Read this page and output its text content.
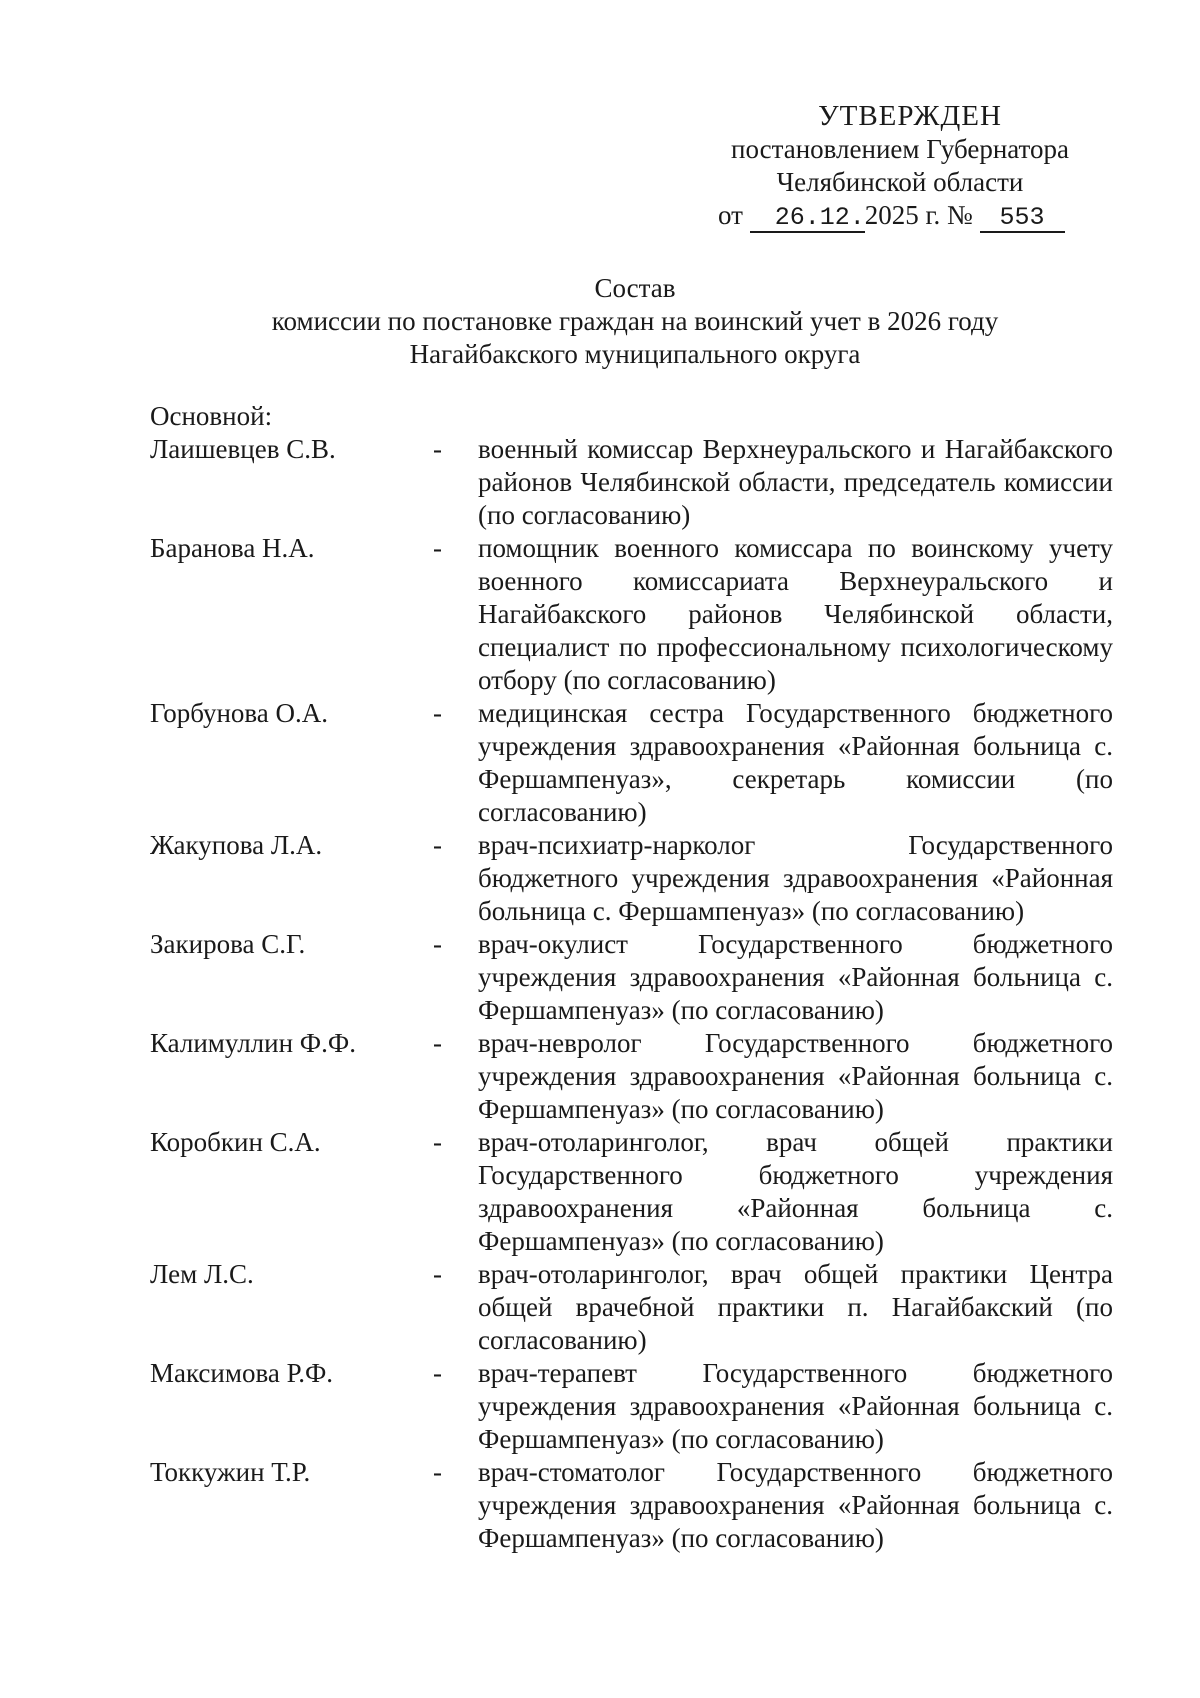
УТВЕРЖДЕН
постановлением Губернатора
Челябинской области
от 26.12.2025 г. № 553
Состав
комиссии по постановке граждан на воинский учет в 2026 году
Нагайбакского муниципального округа
Основной:
Лаишевцев С.В.	-	военный комиссар Верхнеуральского и Нагайбакского районов Челябинской области, председатель комиссии (по согласованию)
Баранова Н.А.	-	помощник военного комиссара по воинскому учету военного комиссариата Верхнеуральского и Нагайбакского районов Челябинской области, специалист по профессиональному психологическому отбору (по согласованию)
Горбунова О.А.	-	медицинская сестра Государственного бюджетного учреждения здравоохранения «Районная больница с. Фершампенуаз», секретарь комиссии (по согласованию)
Жакупова Л.А.	-	врач-психиатр-нарколог Государственного бюджетного учреждения здравоохранения «Районная больница с. Фершампенуаз» (по согласованию)
Закирова С.Г.	-	врач-окулист Государственного бюджетного учреждения здравоохранения «Районная больница с. Фершампенуаз» (по согласованию)
Калимуллин Ф.Ф.	-	врач-невролог Государственного бюджетного учреждения здравоохранения «Районная больница с. Фершампенуаз» (по согласованию)
Коробкин С.А.	-	врач-отоларинголог, врач общей практики Государственного бюджетного учреждения здравоохранения «Районная больница с. Фершампенуаз» (по согласованию)
Лем Л.С.	-	врач-отоларинголог, врач общей практики Центра общей врачебной практики п. Нагайбакский (по согласованию)
Максимова Р.Ф.	-	врач-терапевт Государственного бюджетного учреждения здравоохранения «Районная больница с. Фершампенуаз» (по согласованию)
Токкужин Т.Р.	-	врач-стоматолог Государственного бюджетного учреждения здравоохранения «Районная больница с. Фершампенуаз» (по согласованию)
